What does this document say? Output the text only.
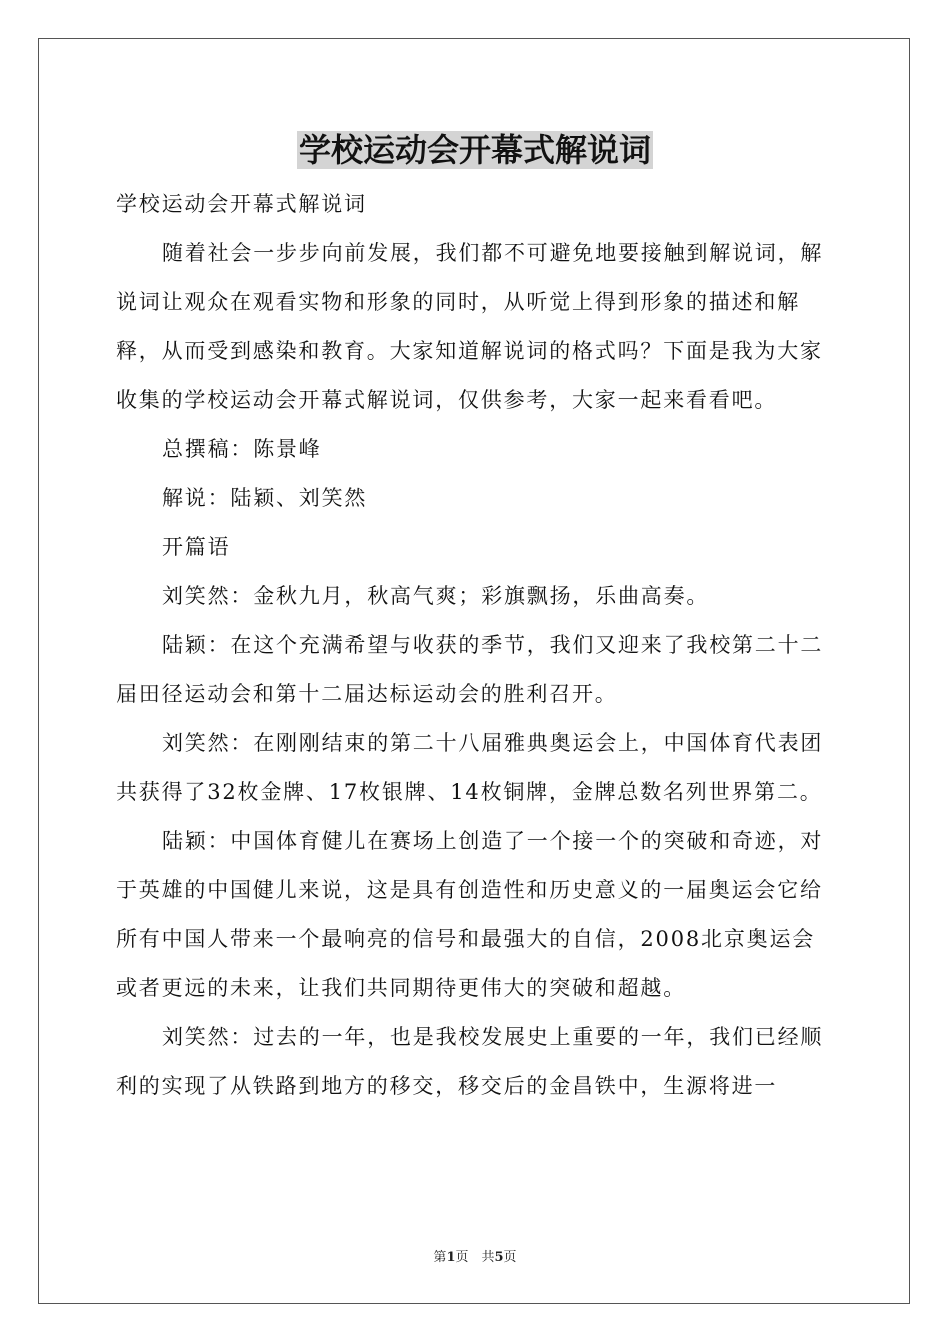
学校运动会开幕式解说词

学校运动会开幕式解说词

随着社会一步步向前发展，我们都不可避免地要接触到解说词，解说词让观众在观看实物和形象的同时，从听觉上得到形象的描述和解释，从而受到感染和教育。大家知道解说词的格式吗？下面是我为大家收集的学校运动会开幕式解说词，仅供参考，大家一起来看看吧。

总撰稿：陈景峰

解说：陆颖、刘笑然

开篇语

刘笑然：金秋九月，秋高气爽；彩旗飘扬，乐曲高奏。

陆颖：在这个充满希望与收获的季节，我们又迎来了我校第二十二届田径运动会和第十二届达标运动会的胜利召开。

刘笑然：在刚刚结束的第二十八届雅典奥运会上，中国体育代表团共获得了32枚金牌、17枚银牌、14枚铜牌，金牌总数名列世界第二。

陆颖：中国体育健儿在赛场上创造了一个接一个的突破和奇迹，对于英雄的中国健儿来说，这是具有创造性和历史意义的一届奥运会它给所有中国人带来一个最响亮的信号和最强大的自信，2008北京奥运会或者更远的未来，让我们共同期待更伟大的突破和超越。

刘笑然：过去的一年，也是我校发展史上重要的一年，我们已经顺利的实现了从铁路到地方的移交，移交后的金昌铁中，生源将进一

第1页　共5页
